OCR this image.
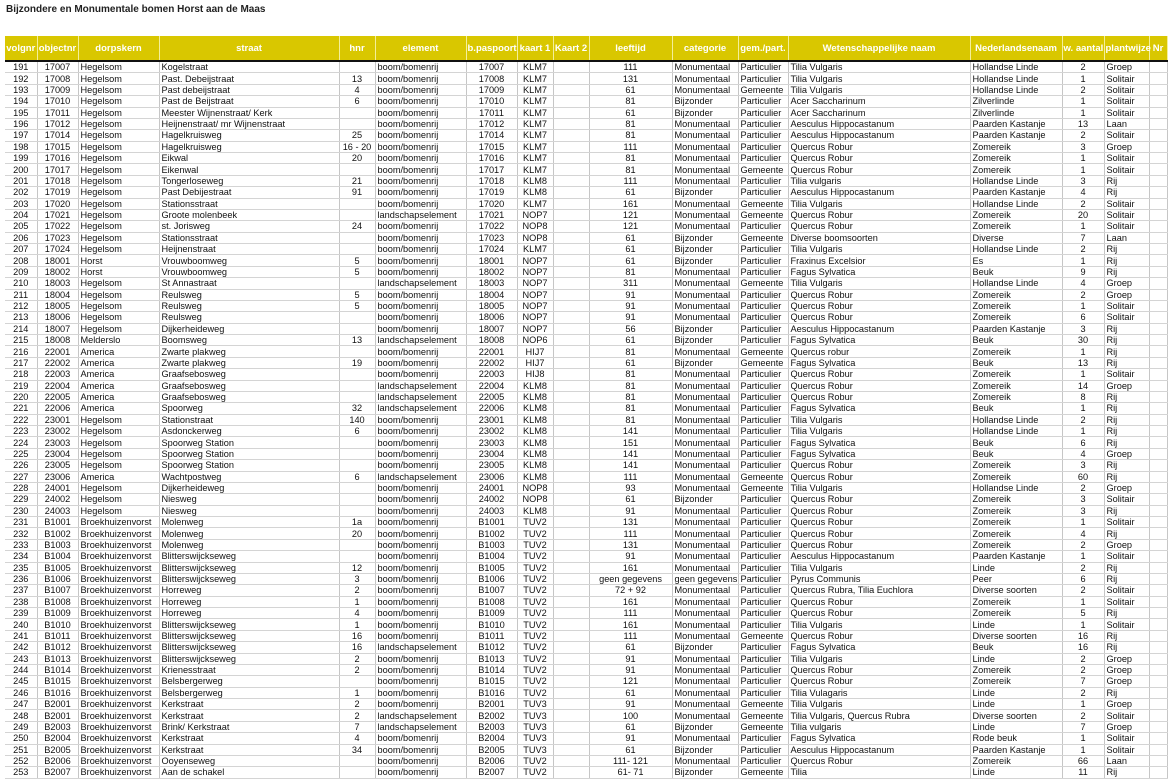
Bijzondere en Monumentale bomen Horst aan de Maas
volgnr	objectnr	dorpskern	straat	hnr	element	b.paspoort	kaart 1	Kaart 2	leeftijd	categorie	gem./part.	Wetenschappelijke naam	Nederlandsenaam	w. aantal	plantwijze	Nr
191	17007	Hegelsom	Kogelstraat		boom/bomenrij	17007	KLM7		111	Monumentaal	Particulier	Tilia Vulgaris	Hollandse Linde	2	Groep	
192	17008	Hegelsom	Past. Debeijstraat	13	boom/bomenrij	17008	KLM7		131	Monumentaal	Particulier	Tilia Vulgaris	Hollandse Linde	1	Solitair	
193	17009	Hegelsom	Past debeijstraat	4	boom/bomenrij	17009	KLM7		61	Monumentaal	Gemeente	Tilia Vulgaris	Hollandse Linde	2	Solitair	
194	17010	Hegelsom	Past de Beijstraat	6	boom/bomenrij	17010	KLM7		81	Bijzonder	Particulier	Acer Saccharinum	Zilverlinde	1	Solitair	
195	17011	Hegelsom	Meester Wijnenstraat/ Kerk		boom/bomenrij	17011	KLM7		61	Bijzonder	Particulier	Acer Saccharinum	Zilverlinde	1	Solitair	
196	17012	Hegelsom	Heijnenstraat/ mr Wijnenstraat		boom/bomenrij	17012	KLM7		81	Monumentaal	Particulier	Aesculus Hippocastanum	Paarden Kastanje	13	Laan	
197	17014	Hegelsom	Hagelkruisweg	25	boom/bomenrij	17014	KLM7		81	Monumentaal	Particulier	Aesculus Hippocastanum	Paarden Kastanje	2	Solitair	
198	17015	Hegelsom	Hagelkruisweg	16 - 20	boom/bomenrij	17015	KLM7		111	Monumentaal	Particulier	Quercus Robur	Zomereik	3	Groep	
199	17016	Hegelsom	Eikwal	20	boom/bomenrij	17016	KLM7		81	Monumentaal	Particulier	Quercus Robur	Zomereik	1	Solitair	
200	17017	Hegelsom	Eikenwal		boom/bomenrij	17017	KLM7		81	Monumentaal	Gemeente	Quercus Robur	Zomereik	1	Solitair	
201	17018	Hegelsom	Tongerloseweg	21	boom/bomenrij	17018	KLM8		111	Monumentaal	Particulier	Tilia vulgaris	Hollandse Linde	3	Rij	
202	17019	Hegelsom	Past Debijestraat	91	boom/bomenrij	17019	KLM8		61	Bijzonder	Particulier	Aesculus Hippocastanum	Paarden Kastanje	4	Rij	
203	17020	Hegelsom	Stationsstraat		boom/bomenrij	17020	KLM7		161	Monumentaal	Gemeente	Tilia Vulgaris	Hollandse Linde	2	Solitair	
204	17021	Hegelsom	Groote molenbeek		landschapselement	17021	NOP7		121	Monumentaal	Gemeente	Quercus Robur	Zomereik	20	Solitair	
205	17022	Hegelsom	st. Jorisweg	24	boom/bomenrij	17022	NOP8		121	Monumentaal	Particulier	Quercus Robur	Zomereik	1	Solitair	
206	17023	Hegelsom	Stationsstraat		boom/bomenrij	17023	NOP8		61	Bijzonder	Gemeente	Diverse boomsoorten	Diverse	7	Laan	
207	17024	Hegelsom	Heijnenstraat		boom/bomenrij	17024	KLM7		61	Bijzonder	Particulier	Tilia Vulgaris	Hollandse Linde	2	Rij	
208	18001	Horst	Vrouwboomweg	5	boom/bomenrij	18001	NOP7		61	Bijzonder	Particulier	Fraxinus Excelsior	Es	1	Rij	
209	18002	Horst	Vrouwboomweg	5	boom/bomenrij	18002	NOP7		81	Monumentaal	Particulier	Fagus Sylvatica	Beuk	9	Rij	
210	18003	Hegelsom	St Annastraat		landschapselement	18003	NOP7		311	Monumentaal	Gemeente	Tilia Vulgaris	Hollandse Linde	4	Groep	
211	18004	Hegelsom	Reulsweg	5	boom/bomenrij	18004	NOP7		91	Monumentaal	Particulier	Quercus Robur	Zomereik	2	Groep	
212	18005	Hegelsom	Reulsweg	5	boom/bomenrij	18005	NOP7		91	Monumentaal	Particulier	Quercus Robur	Zomereik	1	Solitair	
213	18006	Hegelsom	Reulsweg		boom/bomenrij	18006	NOP7		91	Monumentaal	Particulier	Quercus Robur	Zomereik	6	Solitair	
214	18007	Hegelsom	Dijkerheideweg		boom/bomenrij	18007	NOP7		56	Bijzonder	Particulier	Aesculus Hippocastanum	Paarden Kastanje	3	Rij	
215	18008	Melderslo	Boomsweg	13	landschapselement	18008	NOP6		61	Bijzonder	Particulier	Fagus Sylvatica	Beuk	30	Rij	
216	22001	America	Zwarte plakweg		boom/bomenrij	22001	HIJ7		81	Monumentaal	Gemeente	Quercus robur	Zomereik	1	Rij	
217	22002	America	Zwarte plakweg	19	boom/bomenrij	22002	HIJ7		61	Bijzonder	Gemeente	Fagus Sylvatica	Beuk	13	Rij	
218	22003	America	Graafsebosweg		boom/bomenrij	22003	HIJ8		81	Monumentaal	Particulier	Quercus Robur	Zomereik	1	Solitair	
219	22004	America	Graafsebosweg		landschapselement	22004	KLM8		81	Monumentaal	Particulier	Quercus Robur	Zomereik	14	Groep	
220	22005	America	Graafsebosweg		landschapselement	22005	KLM8		81	Monumentaal	Particulier	Quercus Robur	Zomereik	8	Rij	
221	22006	America	Spoorweg	32	landschapselement	22006	KLM8		81	Monumentaal	Particulier	Fagus Sylvatica	Beuk	1	Rij	
222	23001	Hegelsom	Stationstraat	140	boom/bomenrij	23001	KLM8		81	Monumentaal	Particulier	Tilia Vulgaris	Hollandse Linde	2	Rij	
223	23002	Hegelsom	Asdonckerweg	6	boom/bomenrij	23002	KLM8		141	Monumentaal	Particulier	Tilia Vulgaris	Hollandse Linde	1	Rij	
224	23003	Hegelsom	Spoorweg Station		boom/bomenrij	23003	KLM8		151	Monumentaal	Particulier	Fagus Sylvatica	Beuk	6	Rij	
225	23004	Hegelsom	Spoorweg Station		boom/bomenrij	23004	KLM8		141	Monumentaal	Particulier	Fagus Sylvatica	Beuk	4	Groep	
226	23005	Hegelsom	Spoorweg Station		boom/bomenrij	23005	KLM8		141	Monumentaal	Particulier	Quercus Robur	Zomereik	3	Rij	
227	23006	America	Wachtpostweg	6	landschapselement	23006	KLM8		111	Monumentaal	Gemeente	Quercus Robur	Zomereik	60	Rij	
228	24001	Hegelsom	Dijkerheideweg		boom/bomenrij	24001	NOP8		93	Monumentaal	Gemeente	Tilia Vulgaris	Hollandse Linde	2	Groep	
229	24002	Hegelsom	Niesweg		boom/bomenrij	24002	NOP8		61	Bijzonder	Particulier	Quercus Robur	Zomereik	3	Solitair	
230	24003	Hegelsom	Niesweg		boom/bomenrij	24003	KLM8		91	Monumentaal	Particulier	Quercus Robur	Zomereik	3	Rij	
231	B1001	Broekhuizenvorst	Molenweg	1a	boom/bomenrij	B1001	TUV2		131	Monumentaal	Particulier	Quercus Robur	Zomereik	1	Solitair	
232	B1002	Broekhuizenvorst	Molenweg	20	boom/bomenrij	B1002	TUV2		111	Monumentaal	Particulier	Quercus Robur	Zomereik	4	Rij	
233	B1003	Broekhuizenvorst	Molenweg		boom/bomenrij	B1003	TUV2		131	Monumentaal	Particulier	Quercus Robur	Zomereik	2	Groep	
234	B1004	Broekhuizenvorst	Blitterswijckseweg		boom/bomenrij	B1004	TUV2		91	Monumentaal	Particulier	Aesculus Hippocastanum	Paarden Kastanje	1	Solitair	
235	B1005	Broekhuizenvorst	Blitterswijckseweg	12	boom/bomenrij	B1005	TUV2		161	Monumentaal	Particulier	Tilia Vulgaris	Linde	2	Rij	
236	B1006	Broekhuizenvorst	Blitterswijckseweg	3	boom/bomenrij	B1006	TUV2		geen gegevens	geen gegevens	Particulier	Pyrus Communis	Peer	6	Rij	
237	B1007	Broekhuizenvorst	Horreweg	2	boom/bomenrij	B1007	TUV2		72 + 92	Monumentaal	Particulier	Quercus Rubra, Tilia Euchlora	Diverse soorten	2	Solitair	
238	B1008	Broekhuizenvorst	Horreweg	1	boom/bomenrij	B1008	TUV2		161	Monumentaal	Particulier	Quercus Robur	Zomereik	1	Solitair	
239	B1009	Broekhuizenvorst	Horreweg	4	boom/bomenrij	B1009	TUV2		111	Monumentaal	Particulier	Quercus Robur	Zomereik	5	Rij	
240	B1010	Broekhuizenvorst	Blitterswijckseweg	1	boom/bomenrij	B1010	TUV2		161	Monumentaal	Particulier	Tilia Vulgaris	Linde	1	Solitair	
241	B1011	Broekhuizenvorst	Blitterswijckseweg	16	boom/bomenrij	B1011	TUV2		111	Monumentaal	Gemeente	Quercus Robur	Diverse soorten	16	Rij	
242	B1012	Broekhuizenvorst	Blitterswijckseweg	16	landschapselement	B1012	TUV2		61	Bijzonder	Particulier	Fagus Sylvatica	Beuk	16	Rij	
243	B1013	Broekhuizenvorst	Blitterswijckseweg	2	boom/bomenrij	B1013	TUV2		91	Monumentaal	Particulier	Tilia Vulgaris	Linde	2	Groep	
244	B1014	Broekhuizenvorst	Krienesstraat	2	boom/bomenrij	B1014	TUV2		91	Monumentaal	Particulier	Quercus Robur	Zomereik	2	Groep	
245	B1015	Broekhuizenvorst	Belsbergerweg		boom/bomenrij	B1015	TUV2		121	Monumentaal	Particulier	Quercus Robur	Zomereik	7	Groep	
246	B1016	Broekhuizenvorst	Belsbergerweg	1	boom/bomenrij	B1016	TUV2		61	Monumentaal	Particulier	Tilia Vulagaris	Linde	2	Rij	
247	B2001	Broekhuizenvorst	Kerkstraat	2	boom/bomenrij	B2001	TUV3		91	Monumentaal	Gemeente	Tilia Vulgaris	Linde	1	Groep	
248	B2001	Broekhuizenvorst	Kerkstraat	2	landschapselement	B2002	TUV3		100	Monumentaal	Gemeente	Tilia Vulgaris, Quercus Rubra	Diverse soorten	2	Solitair	
249	B2003	Broekhuizenvorst	Brink/ Kerkstraat	7	landschapselement	B2003	TUV3		61	Bijzonder	Gemeente	Tilia vulgaris	Linde	7	Groep	
250	B2004	Broekhuizenvorst	Kerkstraat	4	boom/bomenrij	B2004	TUV3		91	Monumentaal	Particulier	Fagus Sylvatica	Rode beuk	1	Solitair	
251	B2005	Broekhuizenvorst	Kerkstraat	34	boom/bomenrij	B2005	TUV3		61	Bijzonder	Particulier	Aesculus Hippocastanum	Paarden Kastanje	1	Solitair	
252	B2006	Broekhuizenvorst	Ooyenseweg		boom/bomenrij	B2006	TUV2		111- 121	Monumentaal	Particulier	Quercus Robur	Zomereik	66	Laan	
253	B2007	Broekhuizenvorst	Aan de schakel		boom/bomenrij	B2007	TUV2		61- 71	Bijzonder	Gemeente	Tilia	Linde	11	Rij	
